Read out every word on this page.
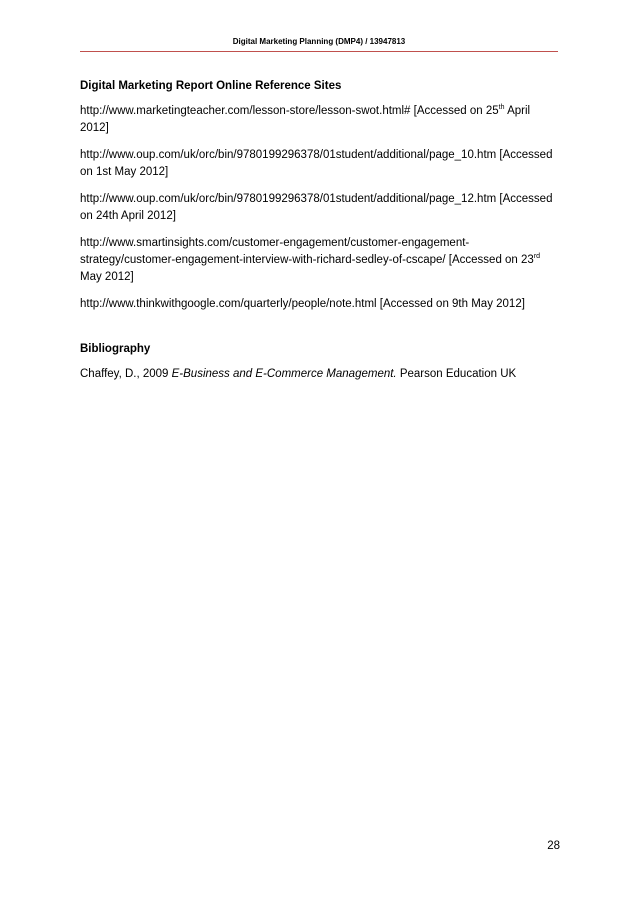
Digital Marketing Planning (DMP4) / 13947813
Digital Marketing Report Online Reference Sites
http://www.marketingteacher.com/lesson-store/lesson-swot.html# [Accessed on 25th April 2012]
http://www.oup.com/uk/orc/bin/9780199296378/01student/additional/page_10.htm [Accessed on 1st May 2012]
http://www.oup.com/uk/orc/bin/9780199296378/01student/additional/page_12.htm [Accessed on 24th April 2012]
http://www.smartinsights.com/customer-engagement/customer-engagement-strategy/customer-engagement-interview-with-richard-sedley-of-cscape/ [Accessed on 23rd May 2012]
http://www.thinkwithgoogle.com/quarterly/people/note.html [Accessed on 9th May 2012]
Bibliography
Chaffey, D., 2009 E-Business and E-Commerce Management. Pearson Education UK
28
